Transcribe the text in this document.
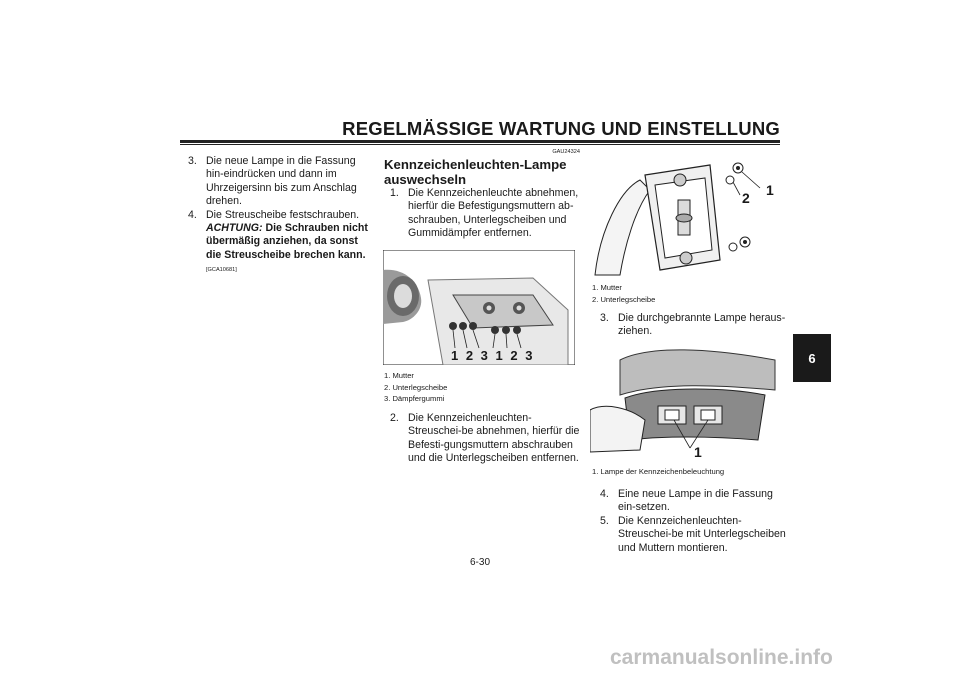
REGELMÄSSIGE WARTUNG UND EINSTELLUNG
6
3. Die neue Lampe in die Fassung hin-eindrücken und dann im Uhrzeigersinn bis zum Anschlag drehen.
4. Die Streuscheibe festschrauben.
ACHTUNG: Die Schrauben nicht übermäßig anziehen, da sonst die Streuscheibe brechen kann. [GCA10681]
GAU24324
Kennzeichenleuchten-Lampe auswechseln
1. Die Kennzeichenleuchte abnehmen, hierfür die Befestigungsmuttern ab-schrauben, Unterlegscheiben und Gummidämpfer entfernen.
1 2 3 1 2 3
1. Mutter
2. Unterlegscheibe
3. Dämpfergummi
2. Die Kennzeichenleuchten-Streuschei-be abnehmen, hierfür die Befesti-gungsmuttern abschrauben und die Unterlegscheiben entfernen.
1
2
1. Mutter
2. Unterlegscheibe
3. Die durchgebrannte Lampe heraus-ziehen.
1
1. Lampe der Kennzeichenbeleuchtung
4. Eine neue Lampe in die Fassung ein-setzen.
5. Die Kennzeichenleuchten-Streuschei-be mit Unterlegscheiben und Muttern montieren.
6-30
carmanualsonline.info
